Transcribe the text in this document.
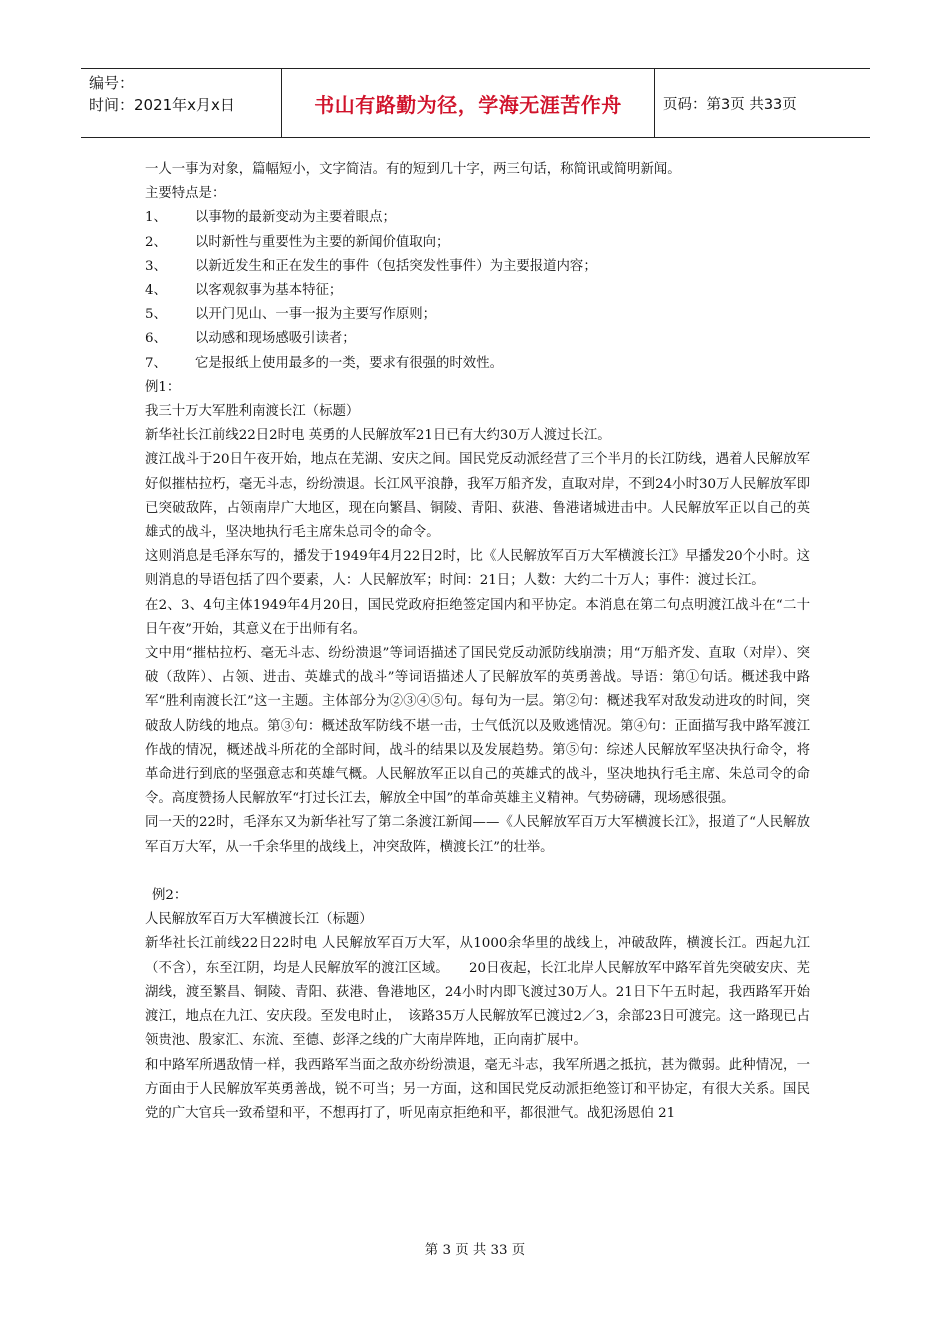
编号：
时间：2021年x月x日	书山有路勤为径，学海无涯苦作舟	页码：第3页 共33页

一人一事为对象，篇幅短小，文字简洁。有的短到几十字，两三句话，称简讯或简明新闻。

主要特点是：

1、	以事物的最新变动为主要着眼点；
2、	以时新性与重要性为主要的新闻价值取向；
3、	以新近发生和正在发生的事件（包括突发性事件）为主要报道内容；
4、	以客观叙事为基本特征；
5、	以开门见山、一事一报为主要写作原则；
6、	以动感和现场感吸引读者；
7、	它是报纸上使用最多的一类，要求有很强的时效性。

例1：

我三十万大军胜利南渡长江（标题）

新华社长江前线22日2时电 英勇的人民解放军21日已有大约30万人渡过长江。

渡江战斗于20日午夜开始，地点在芜湖、安庆之间。国民党反动派经营了三个半月的长江防线，遇着人民解放军好似摧枯拉朽，毫无斗志，纷纷溃退。长江风平浪静，我军万船齐发，直取对岸，不到24小时30万人民解放军即已突破敌阵，占领南岸广大地区，现在向繁昌、铜陵、青阳、荻港、鲁港诸城进击中。人民解放军正以自己的英雄式的战斗，坚决地执行毛主席朱总司令的命令。

这则消息是毛泽东写的，播发于1949年4月22日2时，比《人民解放军百万大军横渡长江》早播发20个小时。这则消息的导语包括了四个要素，人：人民解放军；时间：21日；人数：大约二十万人；事件：渡过长江。

在2、3、4句主体1949年4月20日，国民党政府拒绝签定国内和平协定。本消息在第二句点明渡江战斗在“二十日午夜”开始，其意义在于出师有名。

文中用“摧枯拉朽、毫无斗志、纷纷溃退”等词语描述了国民党反动派防线崩溃；用“万船齐发、直取（对岸）、突破（敌阵）、占领、进击、英雄式的战斗”等词语描述人了民解放军的英勇善战。导语：第①句话。概述我中路军“胜利南渡长江”这一主题。主体部分为②③④⑤句。每句为一层。第②句：概述我军对敌发动进攻的时间，突破敌人防线的地点。第③句：概述敌军防线不堪一击，士气低沉以及败逃情况。第④句：正面描写我中路军渡江作战的情况，概述战斗所花的全部时间，战斗的结果以及发展趋势。第⑤句：综述人民解放军坚决执行命令，将革命进行到底的坚强意志和英雄气概。人民解放军正以自己的英雄式的战斗，坚决地执行毛主席、朱总司令的命令。高度赞扬人民解放军“打过长江去，解放全中国”的革命英雄主义精神。气势磅礴，现场感很强。

同一天的22时，毛泽东又为新华社写了第二条渡江新闻——《人民解放军百万大军横渡长江》，报道了“人民解放军百万大军，从一千余华里的战线上，冲突敌阵，横渡长江”的壮举。

例2：

人民解放军百万大军横渡长江（标题）

新华社长江前线22日22时电 人民解放军百万大军，从1000余华里的战线上，冲破敌阵，横渡长江。西起九江（不含），东至江阴，均是人民解放军的渡江区域。　　20日夜起，长江北岸人民解放军中路军首先突破安庆、芜湖线，渡至繁昌、铜陵、青阳、荻港、鲁港地区，24小时内即飞渡过30万人。21日下午五时起，我西路军开始渡江，地点在九江、安庆段。至发电时止，　该路35万人民解放军已渡过2／3，余部23日可渡完。这一路现已占领贵池、殷家汇、东流、至德、彭泽之线的广大南岸阵地，正向南扩展中。

和中路军所遇敌情一样，我西路军当面之敌亦纷纷溃退，毫无斗志，我军所遇之抵抗，甚为微弱。此种情况，一方面由于人民解放军英勇善战，锐不可当；另一方面，这和国民党反动派拒绝签订和平协定，有很大关系。国民党的广大官兵一致希望和平，不想再打了，听见南京拒绝和平，都很泄气。战犯汤恩伯 21

第 3 页 共 33 页
